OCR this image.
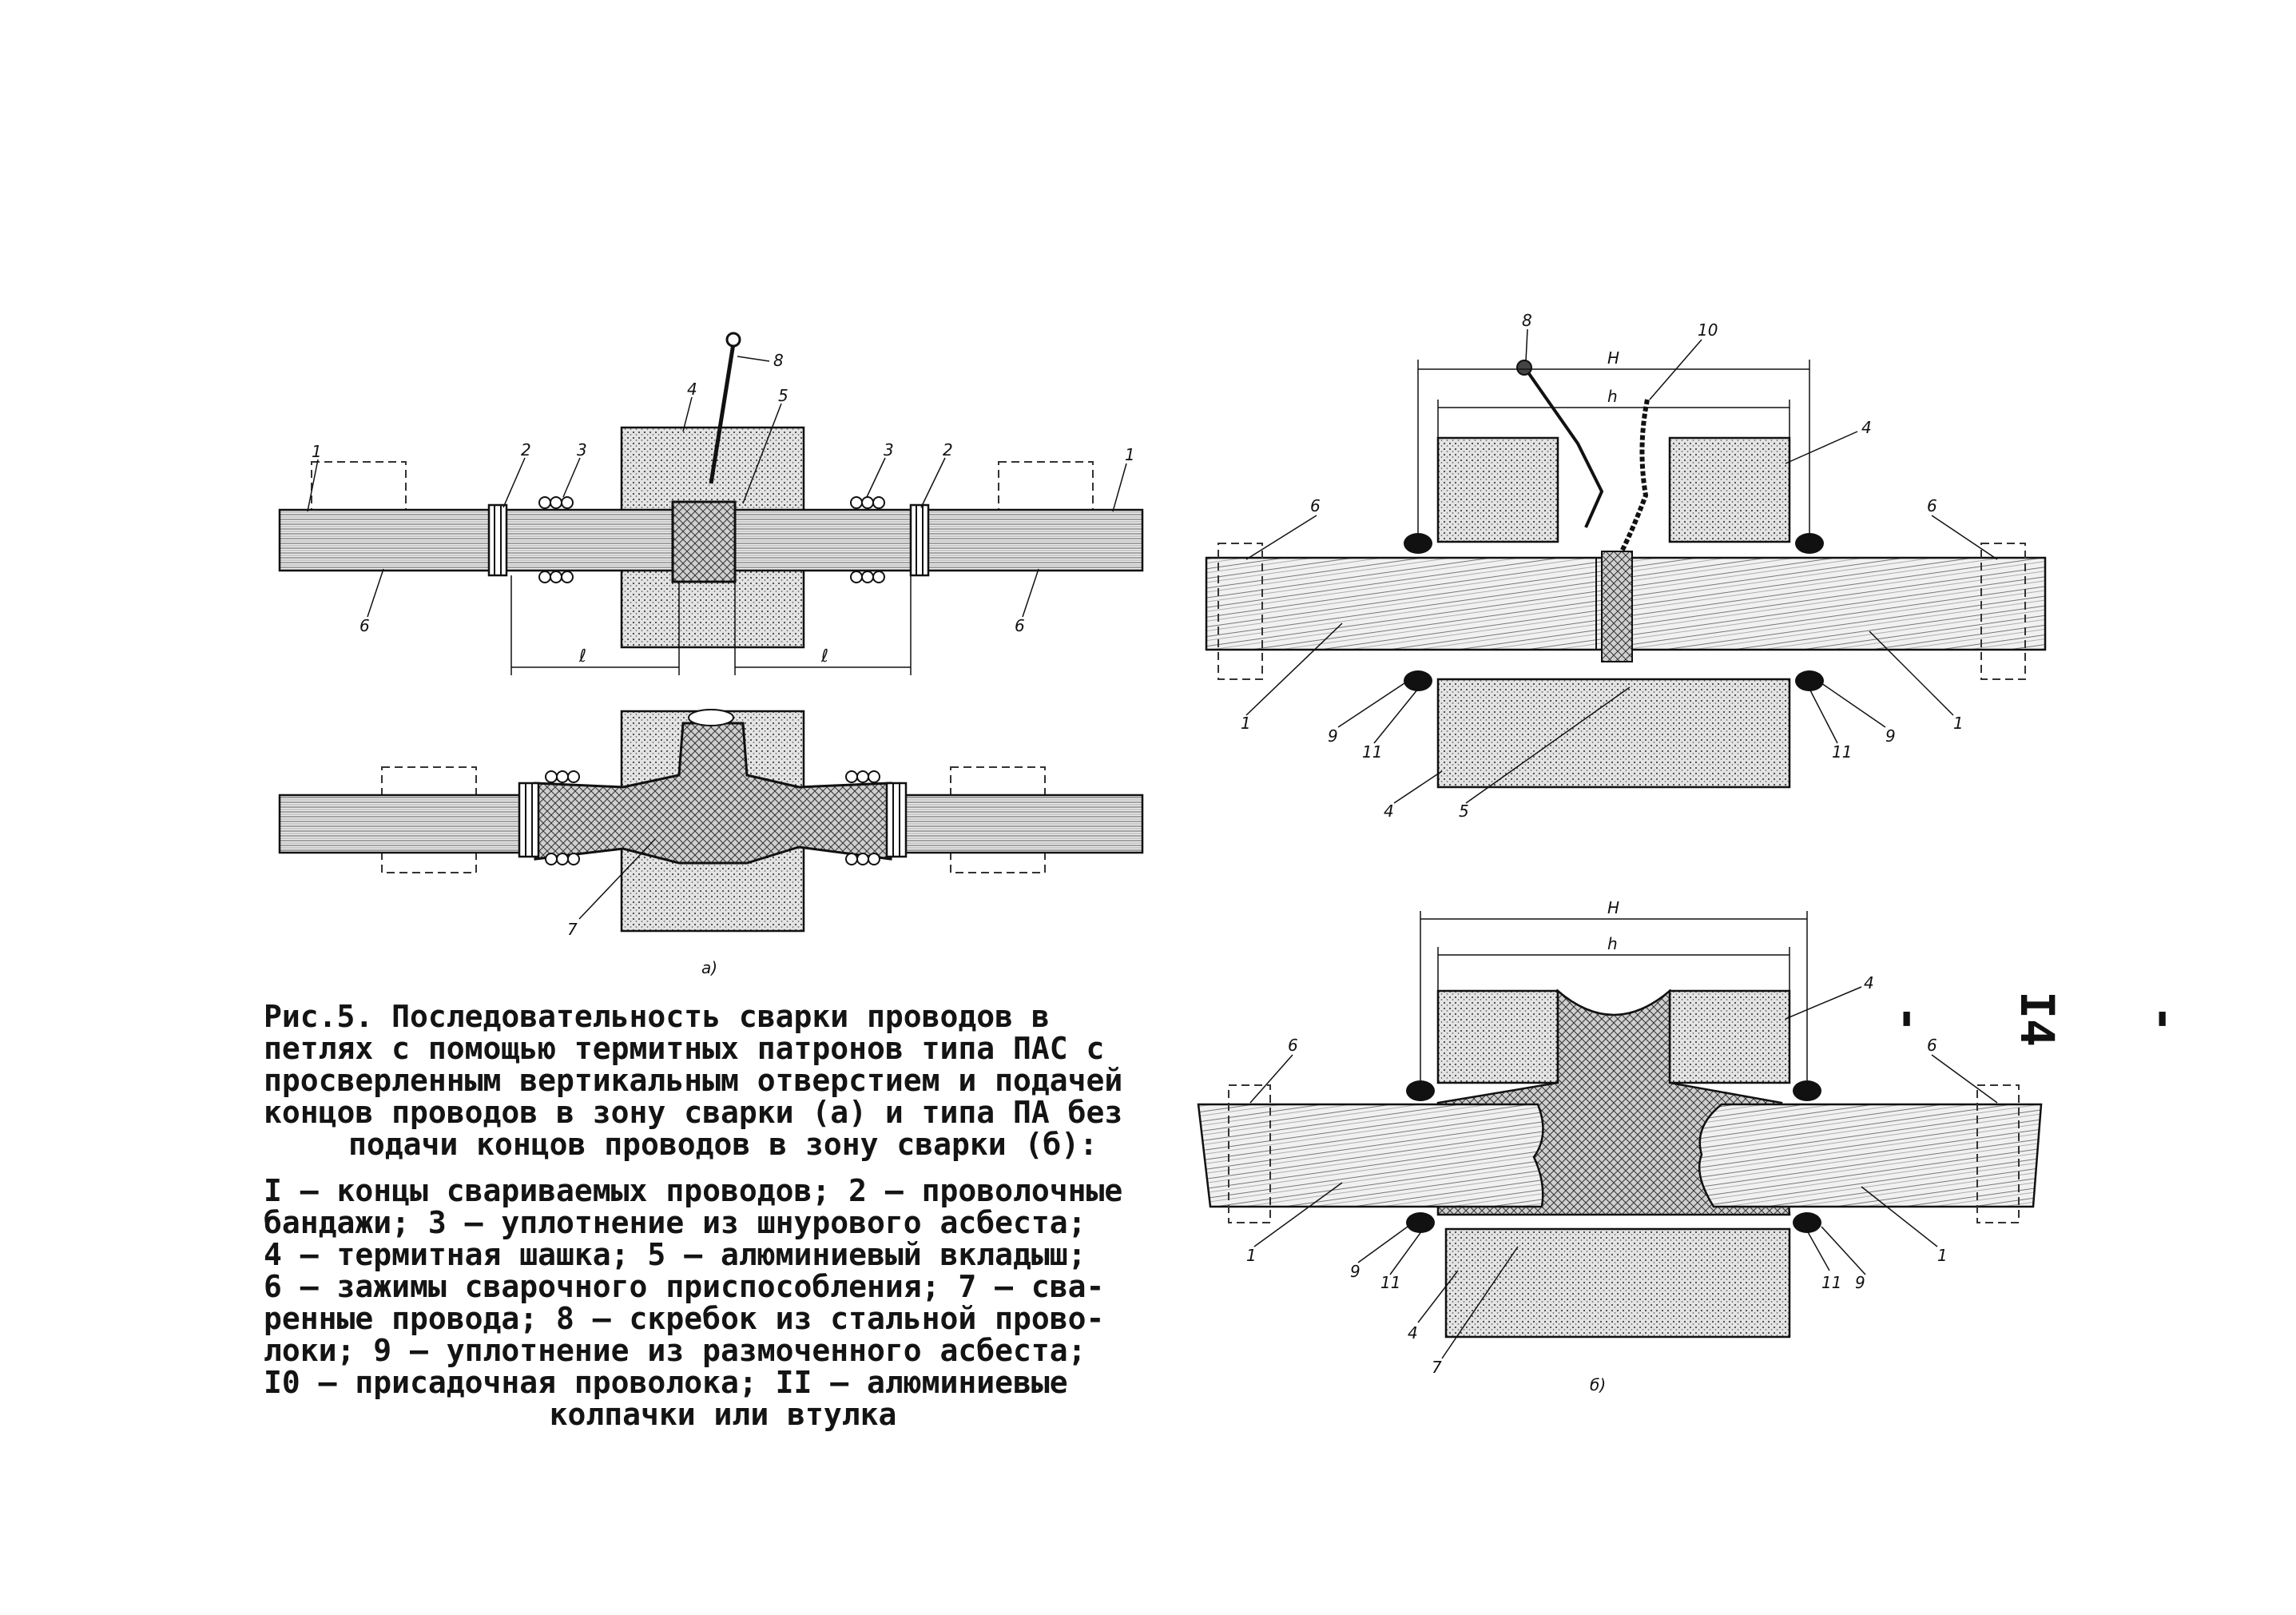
ℓ	ℓ
1	2	3
4	5
8
3	2	1
6	6
7
а)
H
h
8	10
4
6	6
1	1
9
11
4	5
11
9
H
h
4
6	6
1	1
9
11
4
7
11 9
б)
Рис.5. Последовательность сварки проводов в
петлях с помощью термитных патронов типа ПАС с
просверленным вертикальным отверстием и подачей
концов проводов в зону сварки (а) и типа ПА без
подачи концов проводов в зону сварки (б):
I – концы свариваемых проводов; 2 – проволочные
бандажи; 3 – уплотнение из шнурового асбеста;
4 – термитная шашка; 5 – алюминиевый вкладыш;
6 – зажимы сварочного приспособления; 7 – сва-
ренные провода; 8 – скребок из стальной прово-
локи; 9 – уплотнение из размоченного асбеста;
I0 – присадочная проволока; II – алюминиевые
колпачки или втулка
- I4 -
